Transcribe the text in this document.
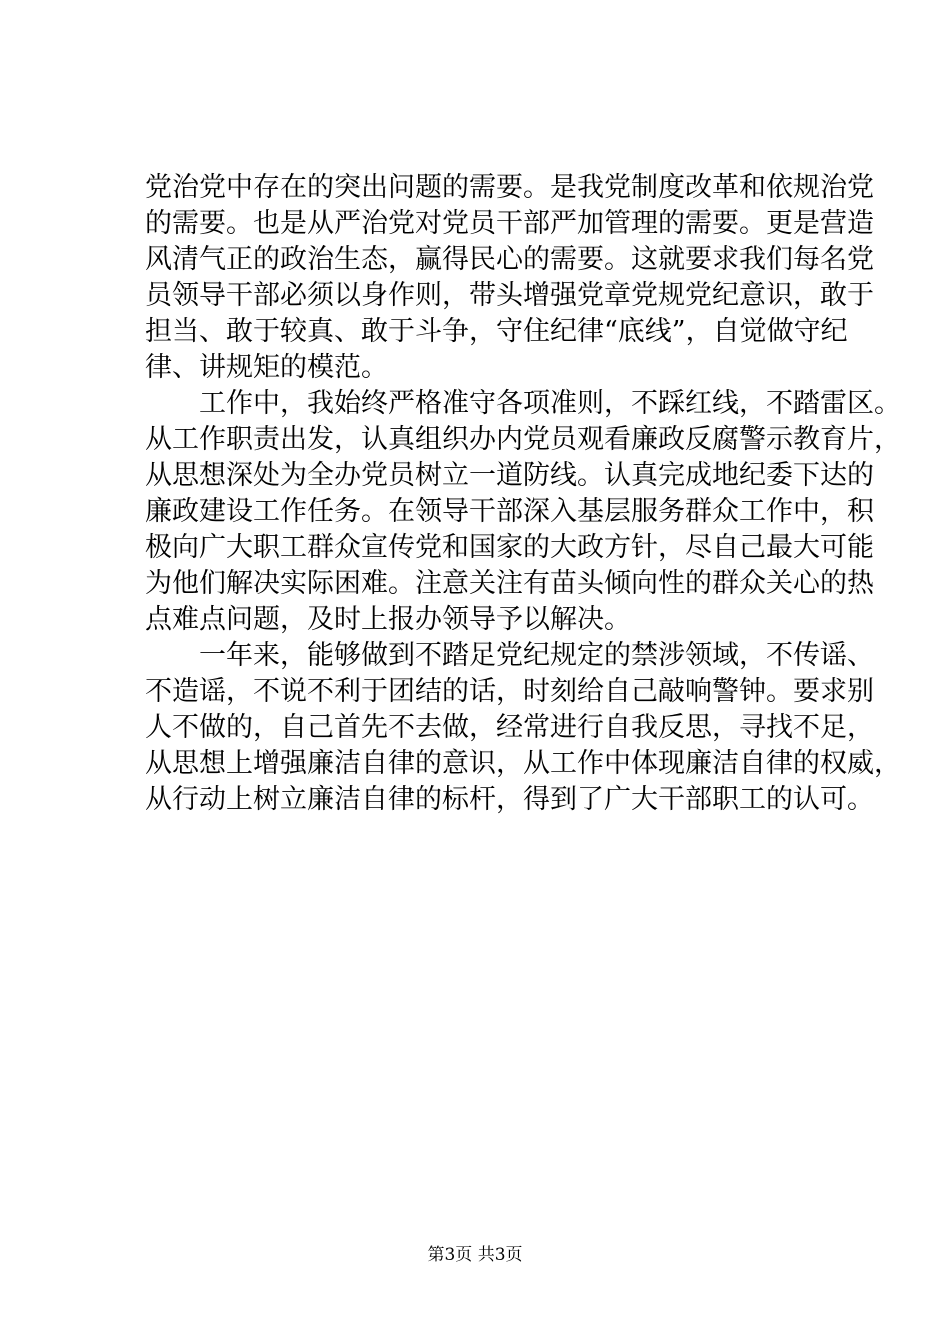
党治党中存在的突出问题的需要。是我党制度改革和依规治党
的需要。也是从严治党对党员干部严加管理的需要。更是营造
风清气正的政治生态，赢得民心的需要。这就要求我们每名党
员领导干部必须以身作则，带头增强党章党规党纪意识，敢于
担当、敢于较真、敢于斗争，守住纪律“底线”，自觉做守纪
律、讲规矩的模范。
　　工作中，我始终严格准守各项准则，不踩红线，不踏雷区。
从工作职责出发，认真组织办内党员观看廉政反腐警示教育片，
从思想深处为全办党员树立一道防线。认真完成地纪委下达的
廉政建设工作任务。在领导干部深入基层服务群众工作中，积
极向广大职工群众宣传党和国家的大政方针，尽自己最大可能
为他们解决实际困难。注意关注有苗头倾向性的群众关心的热
点难点问题，及时上报办领导予以解决。
　　一年来，能够做到不踏足党纪规定的禁涉领域，不传谣、
不造谣，不说不利于团结的话，时刻给自己敲响警钟。要求别
人不做的，自己首先不去做，经常进行自我反思，寻找不足，
从思想上增强廉洁自律的意识，从工作中体现廉洁自律的权威，
从行动上树立廉洁自律的标杆，得到了广大干部职工的认可。
第3页 共3页
